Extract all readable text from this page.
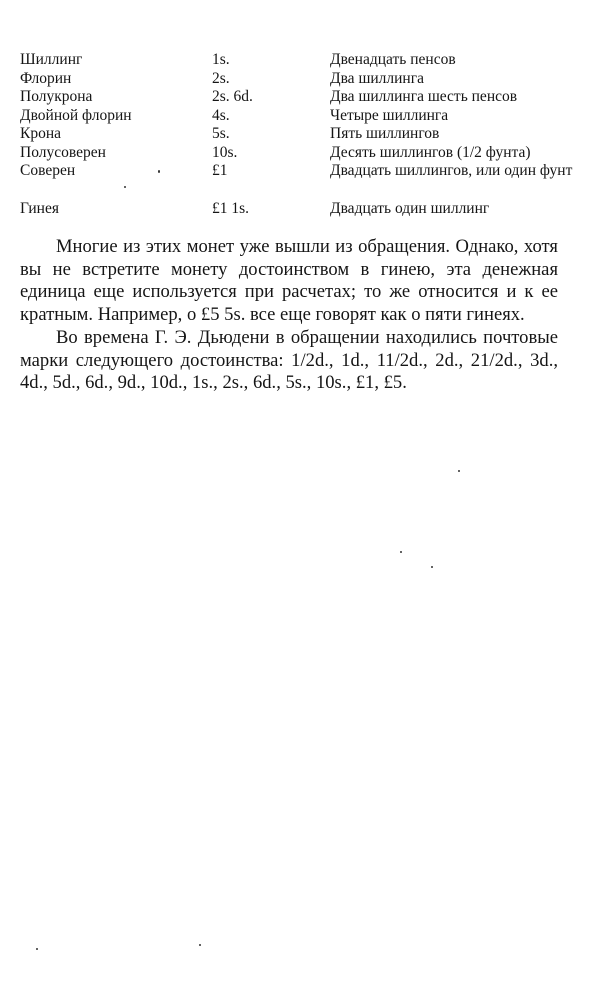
Шиллинг	1s.	Двенадцать пенсов
Флорин	2s.	Два шиллинга
Полукрона	2s. 6d.	Два шиллинга шесть пенсов
Двойной флорин	4s.	Четыре шиллинга
Крона	5s.	Пять шиллингов
Полусоверен	10s.	Десять шиллингов (1/2 фунта)
Соверен	£1	Двадцать шиллингов, или один фунт
Гинея	£1 1s.	Двадцать один шиллинг

Многие из этих монет уже вышли из обращения. Однако, хотя вы не встретите монету достоинством в гинею, эта денежная единица еще используется при расчетах; то же относится и к ее кратным. Например, о £5 5s. все еще говорят как о пяти гинеях.

Во времена Г. Э. Дьюдени в обращении находились почтовые марки следующего достоинства: 1/2d., 1d., 11/2d., 2d., 21/2d., 3d., 4d., 5d., 6d., 9d., 10d., 1s., 2s., 6d., 5s., 10s., £1, £5.
